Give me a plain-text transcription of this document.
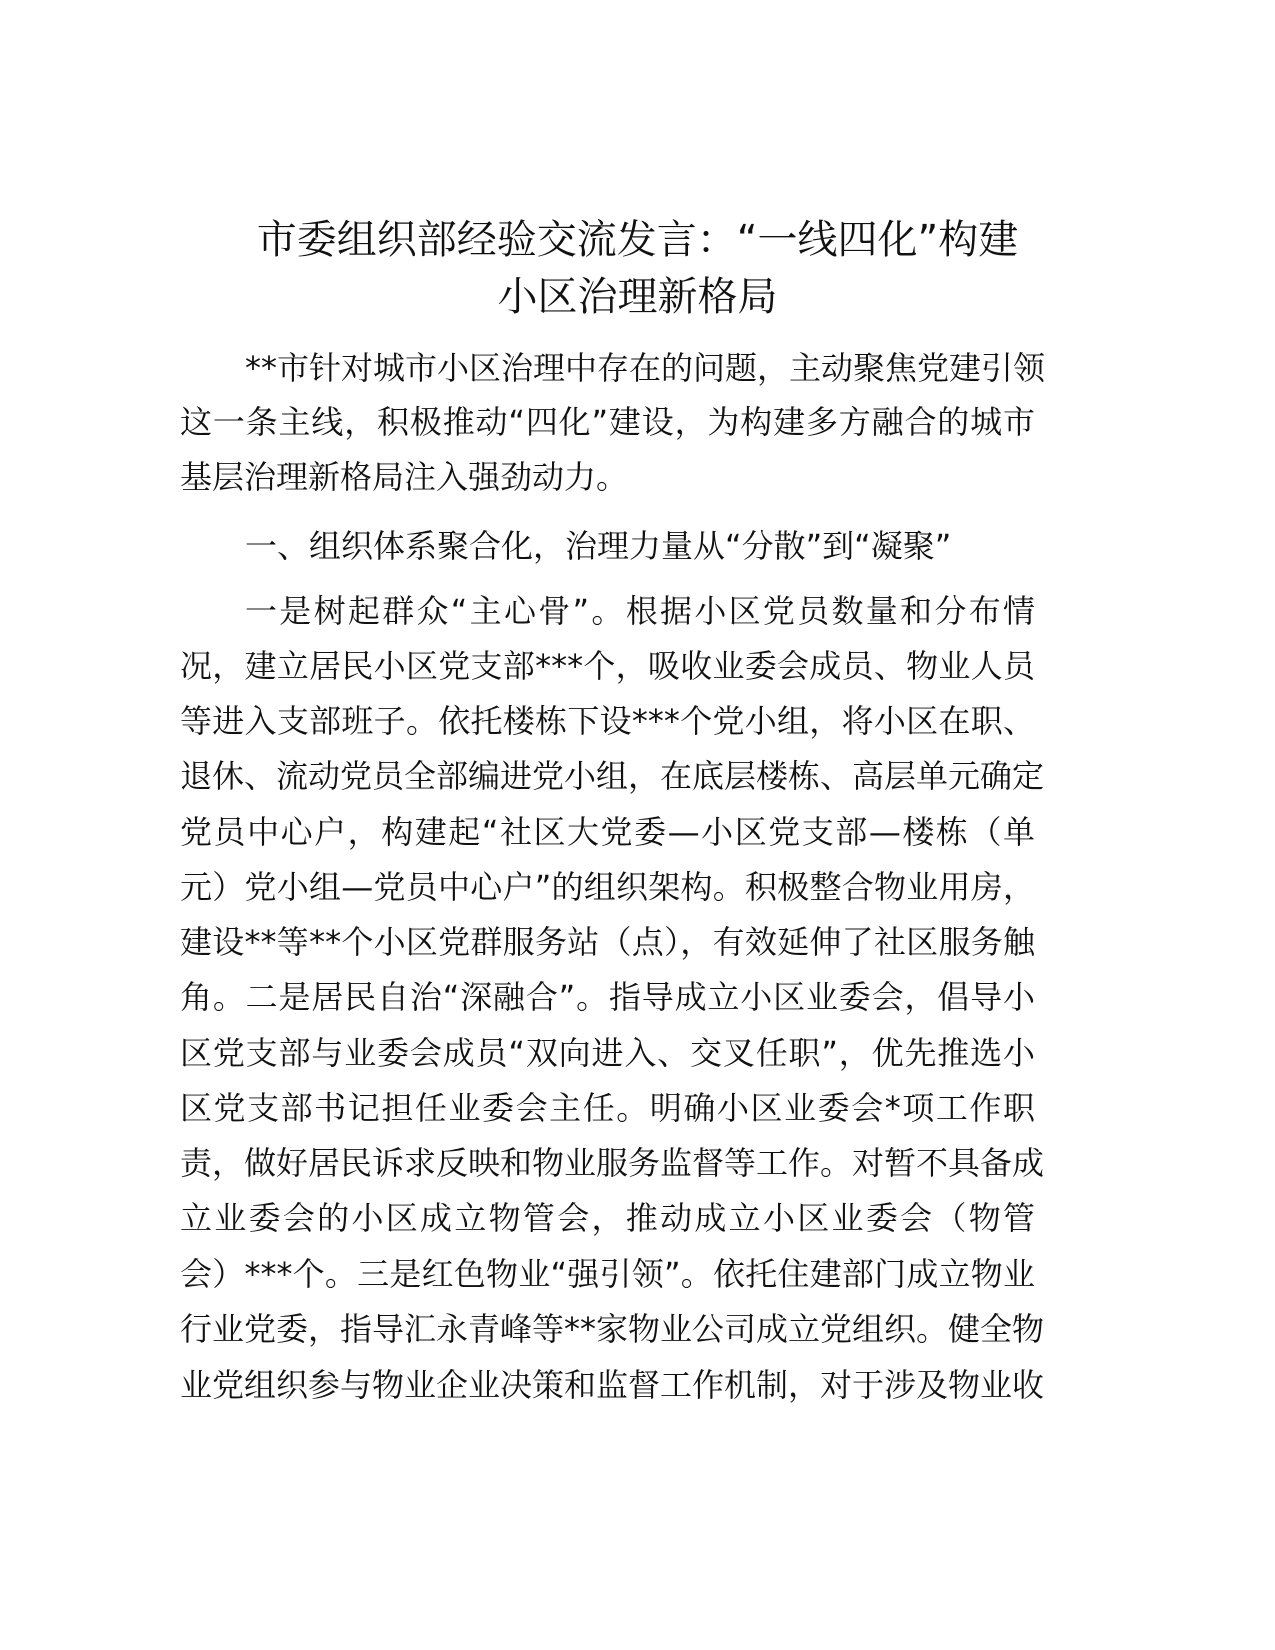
市委组织部经验交流发言：“一线四化”构建
小区治理新格局
**市针对城市小区治理中存在的问题，主动聚焦党建引领
这一条主线，积极推动“四化”建设，为构建多方融合的城市
基层治理新格局注入强劲动力。
一、组织体系聚合化，治理力量从“分散”到“凝聚”
一是树起群众“主心骨”。根据小区党员数量和分布情
况，建立居民小区党支部***个，吸收业委会成员、物业人员
等进入支部班子。依托楼栋下设***个党小组，将小区在职、
退休、流动党员全部编进党小组，在底层楼栋、高层单元确定
党员中心户，构建起“社区大党委—小区党支部—楼栋（单
元）党小组—党员中心户”的组织架构。积极整合物业用房，
建设**等**个小区党群服务站（点），有效延伸了社区服务触
角。二是居民自治“深融合”。指导成立小区业委会，倡导小
区党支部与业委会成员“双向进入、交叉任职”，优先推选小
区党支部书记担任业委会主任。明确小区业委会*项工作职
责，做好居民诉求反映和物业服务监督等工作。对暂不具备成
立业委会的小区成立物管会，推动成立小区业委会（物管
会）***个。三是红色物业“强引领”。依托住建部门成立物业
行业党委，指导汇永青峰等**家物业公司成立党组织。健全物
业党组织参与物业企业决策和监督工作机制，对于涉及物业收
